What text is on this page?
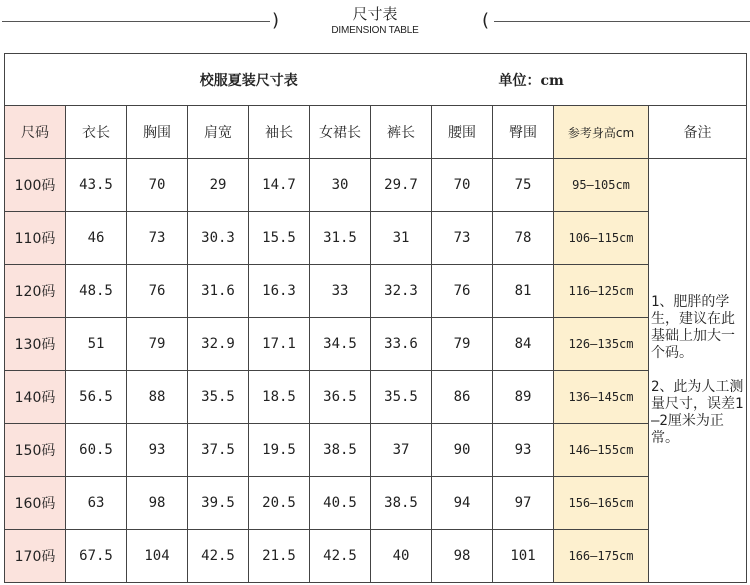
)	尺寸表
DIMENSION TABLE	(
校服夏装尺寸表								单位：cm		
尺码	衣长	胸围	肩宽	袖长	女裙长	裤长	腰围	臀围	参考身高cm	备注
100码	43.5	70	29	14.7	30	29.7	70	75	95—105cm	1、肥胖的学生，建议在此基础上加大一个码。

2、此为人工测量尺寸，误差1—2厘米为正常。

110码	46	73	30.3	15.5	31.5	31	73	78	106—115cm	
120码	48.5	76	31.6	16.3	33	32.3	76	81	116—125cm	
130码	51	79	32.9	17.1	34.5	33.6	79	84	126—135cm	
140码	56.5	88	35.5	18.5	36.5	35.5	86	89	136—145cm	
150码	60.5	93	37.5	19.5	38.5	37	90	93	146—155cm	
160码	63	98	39.5	20.5	40.5	38.5	94	97	156—165cm	
170码	67.5	104	42.5	21.5	42.5	40	98	101	166—175cm	
